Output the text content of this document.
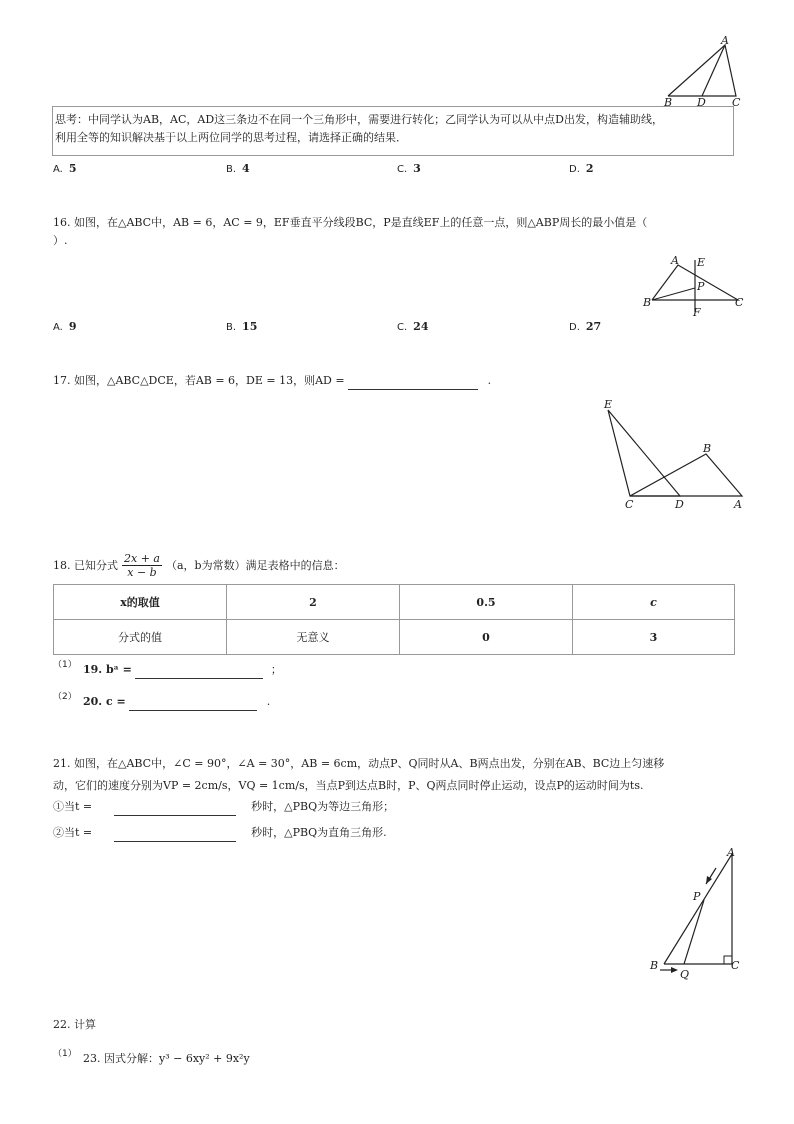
A
B D C
思考：中同学认为AB，AC，AD这三条边不在同一个三角形中，需要进行转化；乙同学认为可以从中点D出发，构造辅助线，
利用全等的知识解决基于以上两位同学的思考过程，请选择正确的结果．
A. 5	B. 4	C. 3	D. 2
16. 如图，在△ABC中，AB = 6，AC = 9，EF垂直平分线段BC，P是直线EF上的任意一点，则△ABP周长的最小值是（
）.
A E
P
B	C
F
A. 9	B. 15	C. 24	D. 27
17. 如图，△ABC△DCE，若AB = 6，DE = 13，则AD =	.
E
B
C	D	A
18. 已知分式 $\frac{2x + a}{x - b} (a$，b为常数）满足表格中的信息：
x的取值	2	0.5	c
分式的值	无意义	0	3
（1） 19. bᵃ =	；
（2） 20. c =	.
21. 如图，在△ABC中，∠C = 90°，∠A = 30°，AB = 6cm，动点P、Q同时从A、B两点出发，分别在AB、BC边上匀速移
动，它们的速度分别为VP = 2cm/s，VQ = 1cm/s，当点P到达点B时，P、Q两点同时停止运动，设点P的运动时间为ts.
①当t =	秒时，△PBQ为等边三角形；
②当t =	秒时，△PBQ为直角三角形.
A
P
B
Q
C
22. 计算
（1） 23. 因式分解：y³ − 6xy² + 9x²y
